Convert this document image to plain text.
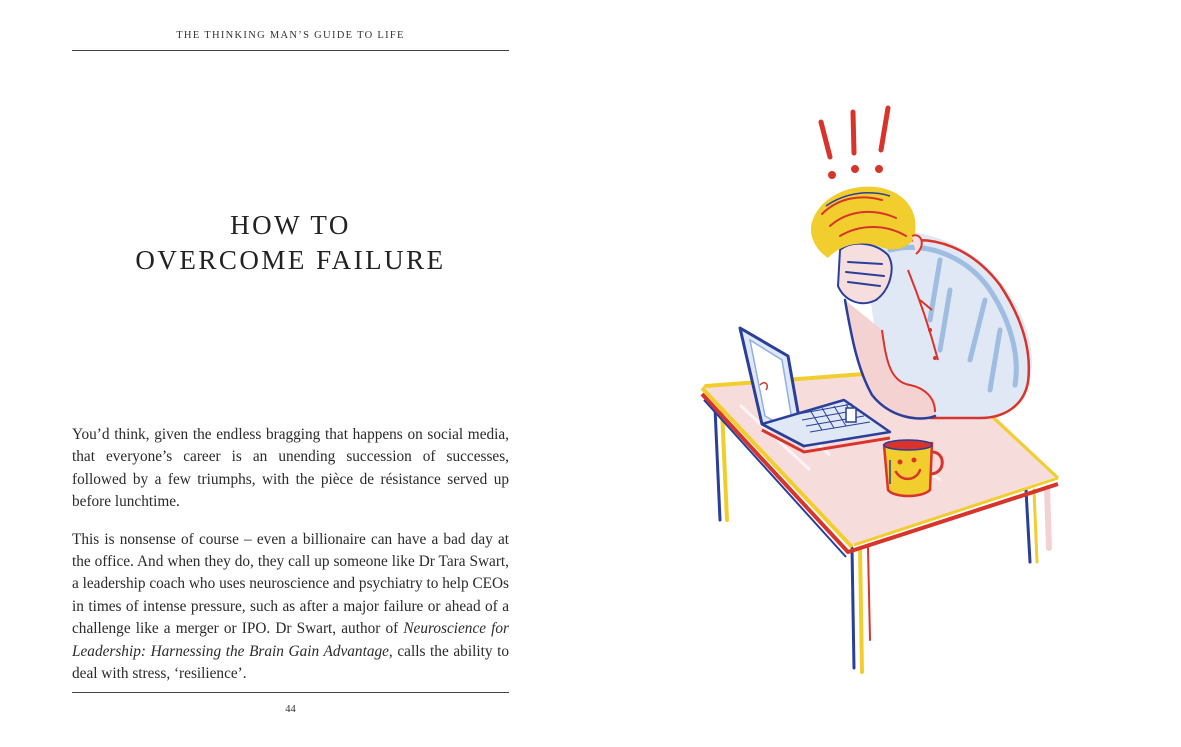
THE THINKING MAN’S GUIDE TO LIFE
HOW TO
OVERCOME FAILURE

You’d think, given the endless bragging that happens on social media, that everyone’s career is an unending succession of successes, followed by a few triumphs, with the pièce de résistance served up before lunchtime.

This is nonsense of course – even a billionaire can have a bad day at the office. And when they do, they call up someone like Dr Tara Swart, a leadership coach who uses neuroscience and psychiatry to help CEOs in times of intense pressure, such as after a major failure or ahead of a challenge like a merger or IPO. Dr Swart, author of Neuroscience for Leadership: Harnessing the Brain Gain Advantage, calls the ability to deal with stress, ‘resilience’.

44
